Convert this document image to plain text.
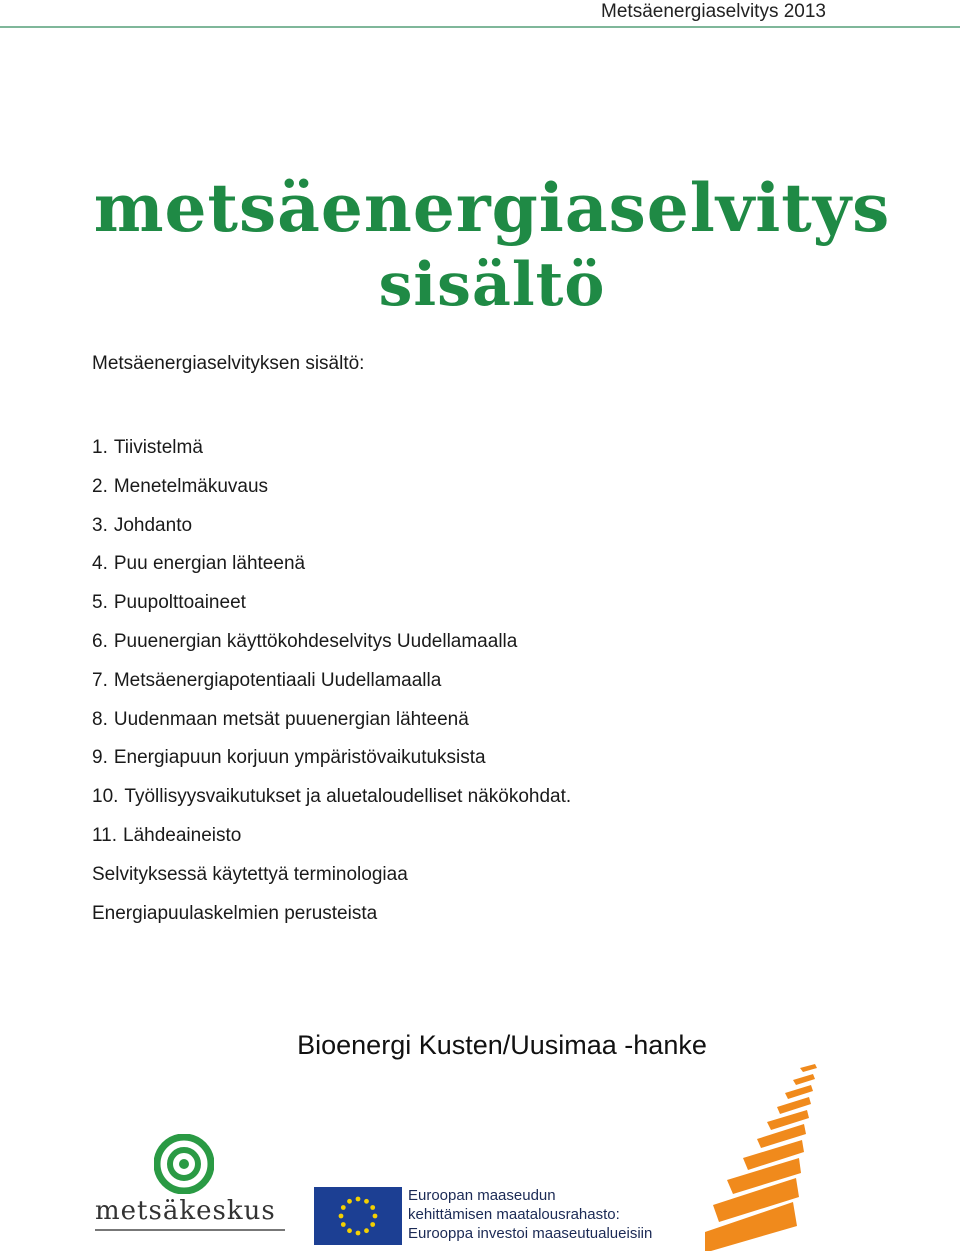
Metsäenergiaselvitys 2013
metsäenergiaselvitys
sisältö
Metsäenergiaselvityksen sisältö:
1. Tiivistelmä
2. Menetelmäkuvaus
3. Johdanto
4. Puu energian lähteenä
5. Puupolttoaineet
6. Puuenergian käyttökohdeselvitys Uudellamaalla
7. Metsäenergiapotentiaali Uudellamaalla
8. Uudenmaan metsät puuenergian lähteenä
9. Energiapuun korjuun ympäristövaikutuksista
10. Työllisyysvaikutukset ja aluetaloudelliset näkökohdat.
11. Lähdeaineisto
Selvityksessä käytettyä terminologiaa
Energiapuulaskelmien perusteista
Bioenergi Kusten/Uusimaa -hanke
metsäkeskus
Euroopan maaseudun
kehittämisen maatalousrahasto:
Eurooppa investoi maaseutualueisiin
